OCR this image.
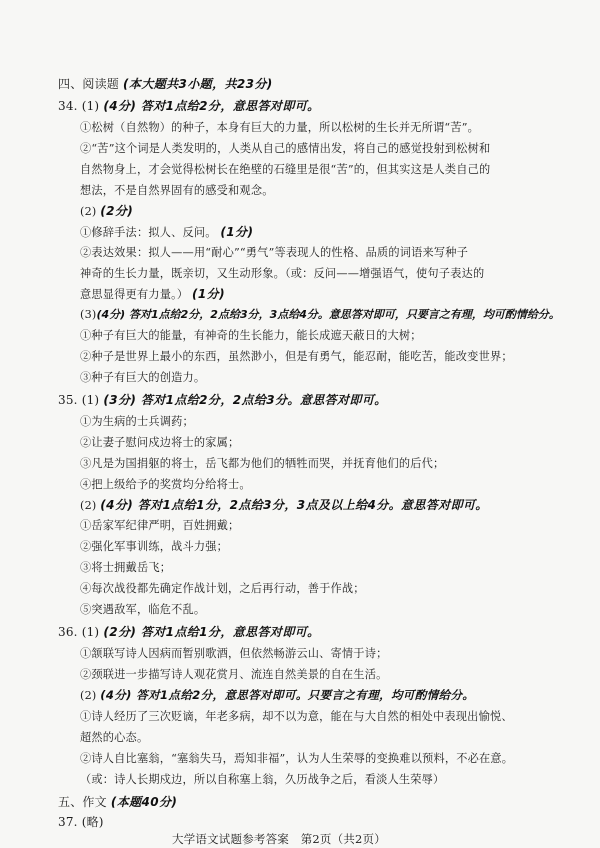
四、阅读题 (本大题共3小题，共23分)
34. (1) (4分) 答对1点给2分，意思答对即可。
①松树（自然物）的种子，本身有巨大的力量，所以松树的生长并无所谓“苦”。
②“苦”这个词是人类发明的，人类从自己的感情出发，将自己的感觉投射到松树和
自然物身上，才会觉得松树长在绝壁的石缝里是很“苦”的，但其实这是人类自己的
想法，不是自然界固有的感受和观念。
(2) (2分)
①修辞手法：拟人、反问。 (1分)
②表达效果：拟人——用“耐心”“勇气”等表现人的性格、品质的词语来写种子
神奇的生长力量，既亲切，又生动形象。（或：反问——增强语气，使句子表达的
意思显得更有力量。） (1分)
(3)(4分) 答对1点给2分，2点给3分，3点给4分。意思答对即可，只要言之有理，均可酌情给分。
①种子有巨大的能量，有神奇的生长能力，能长成遮天蔽日的大树；
②种子是世界上最小的东西，虽然渺小，但是有勇气，能忍耐，能吃苦，能改变世界；
③种子有巨大的创造力。
35. (1) (3分) 答对1点给2分，2点给3分。意思答对即可。
①为生病的士兵调药；
②让妻子慰问戍边将士的家属；
③凡是为国捐躯的将士，岳飞都为他们的牺牲而哭，并抚育他们的后代；
④把上级给予的奖赏均分给将士。
(2) (4分) 答对1点给1分，2点给3分，3点及以上给4分。意思答对即可。
①岳家军纪律严明，百姓拥戴；
②强化军事训练，战斗力强；
③将士拥戴岳飞；
④每次战役都先确定作战计划，之后再行动，善于作战；
⑤突遇敌军，临危不乱。
36. (1) (2分) 答对1点给1分，意思答对即可。
①颔联写诗人因病而暂别歌酒，但依然畅游云山、寄情于诗；
②颈联进一步描写诗人观花赏月、流连自然美景的自在生活。
(2) (4分) 答对1点给2分，意思答对即可。只要言之有理，均可酌情给分。
①诗人经历了三次贬谪，年老多病，却不以为意，能在与大自然的相处中表现出愉悦、
超然的心态。
②诗人自比塞翁，“塞翁失马，焉知非福”，认为人生荣辱的变换难以预料，不必在意。
（或：诗人长期戍边，所以自称塞上翁，久历战争之后，看淡人生荣辱）
五、作文 (本题40分)
37. (略)
大学语文试题参考答案　第2页（共2页）
